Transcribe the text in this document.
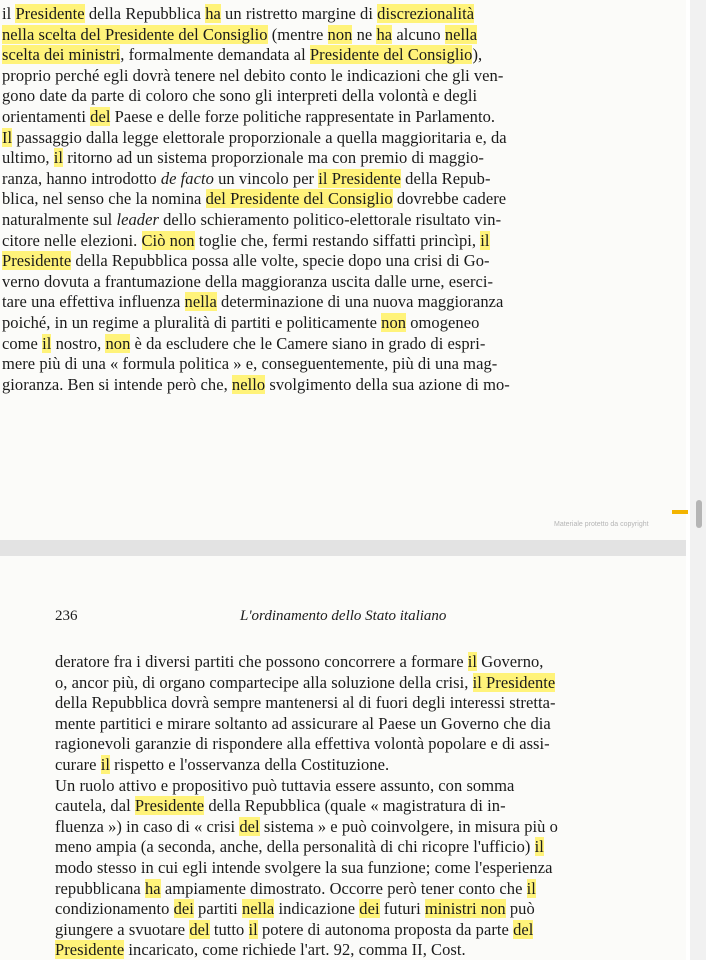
il Presidente della Repubblica ha un ristretto margine di discrezionalità
nella scelta del Presidente del Consiglio (mentre non ne ha alcuno nella
scelta dei ministri, formalmente demandata al Presidente del Consiglio),
proprio perché egli dovrà tenere nel debito conto le indicazioni che gli ven-
gono date da parte di coloro che sono gli interpreti della volontà e degli
orientamenti del Paese e delle forze politiche rappresentate in Parlamento.
Il passaggio dalla legge elettorale proporzionale a quella maggioritaria e, da
ultimo, il ritorno ad un sistema proporzionale ma con premio di maggio-
ranza, hanno introdotto de facto un vincolo per il Presidente della Repub-
blica, nel senso che la nomina del Presidente del Consiglio dovrebbe cadere
naturalmente sul leader dello schieramento politico-elettorale risultato vin-
citore nelle elezioni. Ciò non toglie che, fermi restando siffatti princìpi, il
Presidente della Repubblica possa alle volte, specie dopo una crisi di Go-
verno dovuta a frantumazione della maggioranza uscita dalle urne, eserci-
tare una effettiva influenza nella determinazione di una nuova maggioranza
poiché, in un regime a pluralità di partiti e politicamente non omogeneo
come il nostro, non è da escludere che le Camere siano in grado di espri-
mere più di una « formula politica » e, conseguentemente, più di una mag-
gioranza. Ben si intende però che, nello svolgimento della sua azione di mo-
Materiale protetto da copyright
236	L'ordinamento dello Stato italiano
deratore fra i diversi partiti che possono concorrere a formare il Governo,
o, ancor più, di organo compartecipe alla soluzione della crisi, il Presidente
della Repubblica dovrà sempre mantenersi al di fuori degli interessi stretta-
mente partitici e mirare soltanto ad assicurare al Paese un Governo che dia
ragionevoli garanzie di rispondere alla effettiva volontà popolare e di assi-
curare il rispetto e l'osservanza della Costituzione.
Un ruolo attivo e propositivo può tuttavia essere assunto, con somma
cautela, dal Presidente della Repubblica (quale « magistratura di in-
fluenza ») in caso di « crisi del sistema » e può coinvolgere, in misura più o
meno ampia (a seconda, anche, della personalità di chi ricopre l'ufficio) il
modo stesso in cui egli intende svolgere la sua funzione; come l'esperienza
repubblicana ha ampiamente dimostrato. Occorre però tener conto che il
condizionamento dei partiti nella indicazione dei futuri ministri non può
giungere a svuotare del tutto il potere di autonoma proposta da parte del
Presidente incaricato, come richiede l'art. 92, comma II, Cost.
